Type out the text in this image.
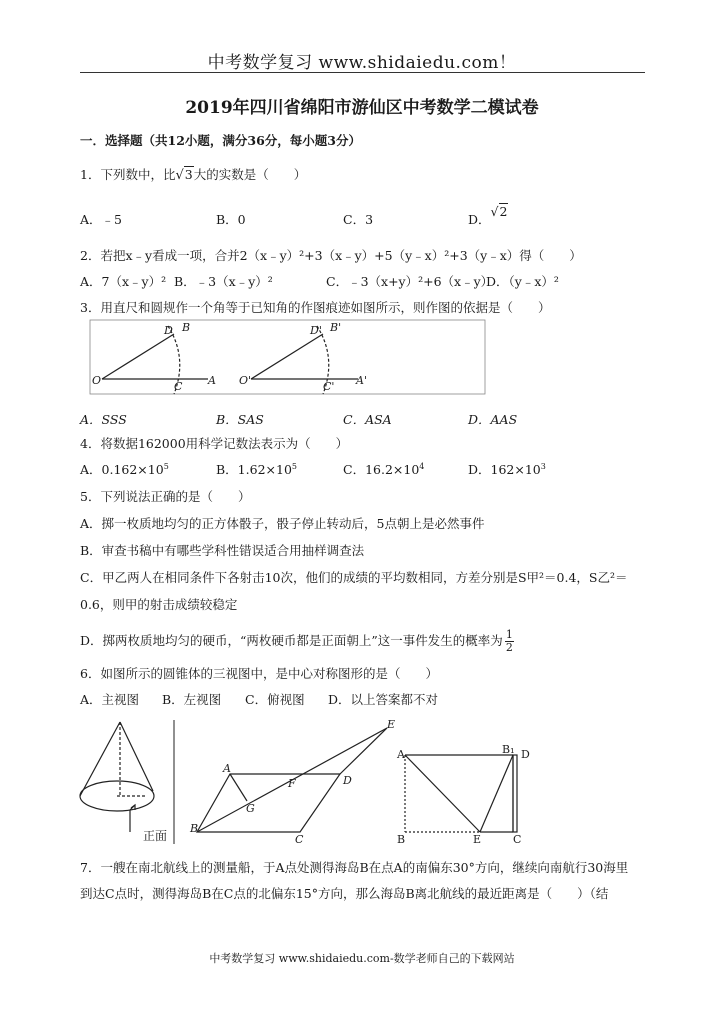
中考数学复习 www.shidaiedu.com！
2019年四川省绵阳市游仙区中考数学二模试卷
一．选择题（共12小题，满分36分，每小题3分）
1．下列数中，比√3大的实数是（　　）
A．﹣5	B．0	C．3	D．√2
2．若把x﹣y看成一项，合并2（x﹣y）²+3（x﹣y）+5（y﹣x）²+3（y﹣x）得（　　）
A．7（x﹣y）² B．﹣3（x﹣y）²	C．﹣3（x+y）²+6（x﹣y）
D．（y﹣x）²
3．用直尺和圆规作一个角等于已知角的作图痕迹如图所示，则作图的依据是（　　）
D B
O	C A
D' B'
O'	C' A'
A．SSS	B．SAS	C．ASA	D．AAS
4．将数据162000用科学记数法表示为（　　）
A．$0.162\times 10^5$	B．$1.62\times 10^5$	C．$16.2\times 10^4$	D．$162\times 10^3$
5．下列说法正确的是（　　）
A．掷一枚质地均匀的正方体骰子，骰子停止转动后，5点朝上是必然事件
B．审查书稿中有哪些学科性错误适合用抽样调查法
C．甲乙两人在相同条件下各射击10次，他们的成绩的平均数相同，方差分别是S甲²＝0.4，S乙²＝
0.6，则甲的射击成绩较稳定
D．掷两枚质地均匀的硬币，“两枚硬币都是正面朝上”这一事件发生的概率为 $\frac{1}{2}$
6．如图所示的圆锥体的三视图中，是中心对称图形的是（　　）
A．主视图 B．左视图 C．俯视图 D．以上答案都不对
正面
A
E
F	D
G
B
C
A	B₁ D
B	E	C
7．一艘在南北航线上的测量船，于A点处测得海岛B在点A的南偏东30°方向，继续向南航行30海里
到达C点时，测得海岛B在C点的北偏东15°方向，那么海岛B离北航线的最近距离是（　　）（结
中考数学复习 www.shidaiedu.com-数学老师自己的下载网站
